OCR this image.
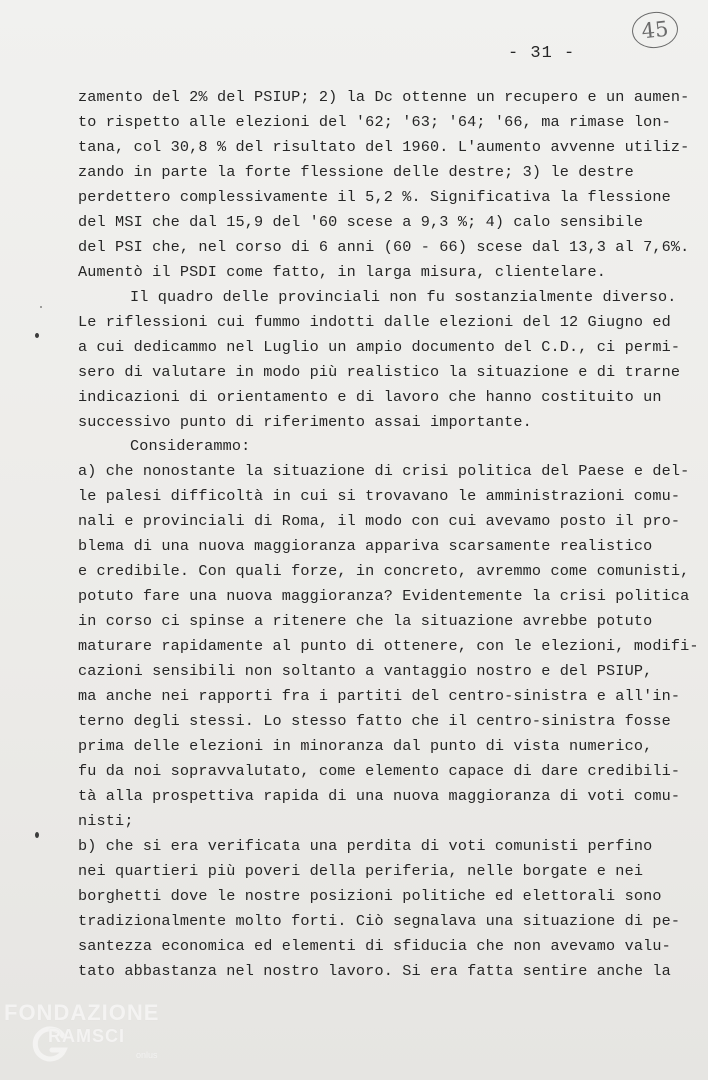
45
- 31 -
zamento del 2% del PSIUP; 2) la Dc ottenne un recupero e un aumen-
to rispetto alle elezioni del '62; '63; '64; '66, ma rimase lon-
tana, col 30,8 % del risultato del 1960. L'aumento avvenne utiliz-
zando in parte la forte flessione delle destre; 3) le destre
perdettero complessivamente il 5,2 %. Significativa la flessione
del MSI che dal 15,9 del '60 scese a 9,3 %; 4) calo sensibile
del PSI che, nel corso di 6 anni (60 - 66) scese dal 13,3 al 7,6%.
Aumentò il PSDI come fatto, in larga misura, clientelare.
Il quadro delle provinciali non fu sostanzialmente diverso.
Le riflessioni cui fummo indotti dalle elezioni del 12 Giugno ed
a cui dedicammo nel Luglio un ampio documento del C.D., ci permi-
sero di valutare in modo più realistico la situazione e di trarne
indicazioni di orientamento e di lavoro che hanno costituito un
successivo punto di riferimento assai importante.
Considerammo:
a) che nonostante la situazione di crisi politica del Paese e del-
le palesi difficoltà in cui si trovavano le amministrazioni comu-
nali e provinciali di Roma, il modo con cui avevamo posto il pro-
blema di una nuova maggioranza appariva scarsamente realistico
e credibile. Con quali forze, in concreto, avremmo come comunisti,
potuto fare una nuova maggioranza? Evidentemente la crisi politica
in corso ci spinse a ritenere che la situazione avrebbe potuto
maturare rapidamente al punto di ottenere, con le elezioni, modifi-
cazioni sensibili non soltanto a vantaggio nostro e del PSIUP,
ma anche nei rapporti fra i partiti del centro-sinistra e all'in-
terno degli stessi. Lo stesso fatto che il centro-sinistra fosse
prima delle elezioni in minoranza dal punto di vista numerico,
fu da noi sopravvalutato, come elemento capace di dare credibili-
tà alla prospettiva rapida di una nuova maggioranza di voti comu-
nisti;
b) che si era verificata una perdita di voti comunisti perfino
nei quartieri più poveri della periferia, nelle borgate e nei
borghetti dove le nostre posizioni politiche ed elettorali sono
tradizionalmente molto forti. Ciò segnalava una situazione di pe-
santezza economica ed elementi di sfiducia che non avevamo valu-
tato abbastanza nel nostro lavoro. Si era fatta sentire anche la
FONDAZIONE
RAMSCI
onlus
